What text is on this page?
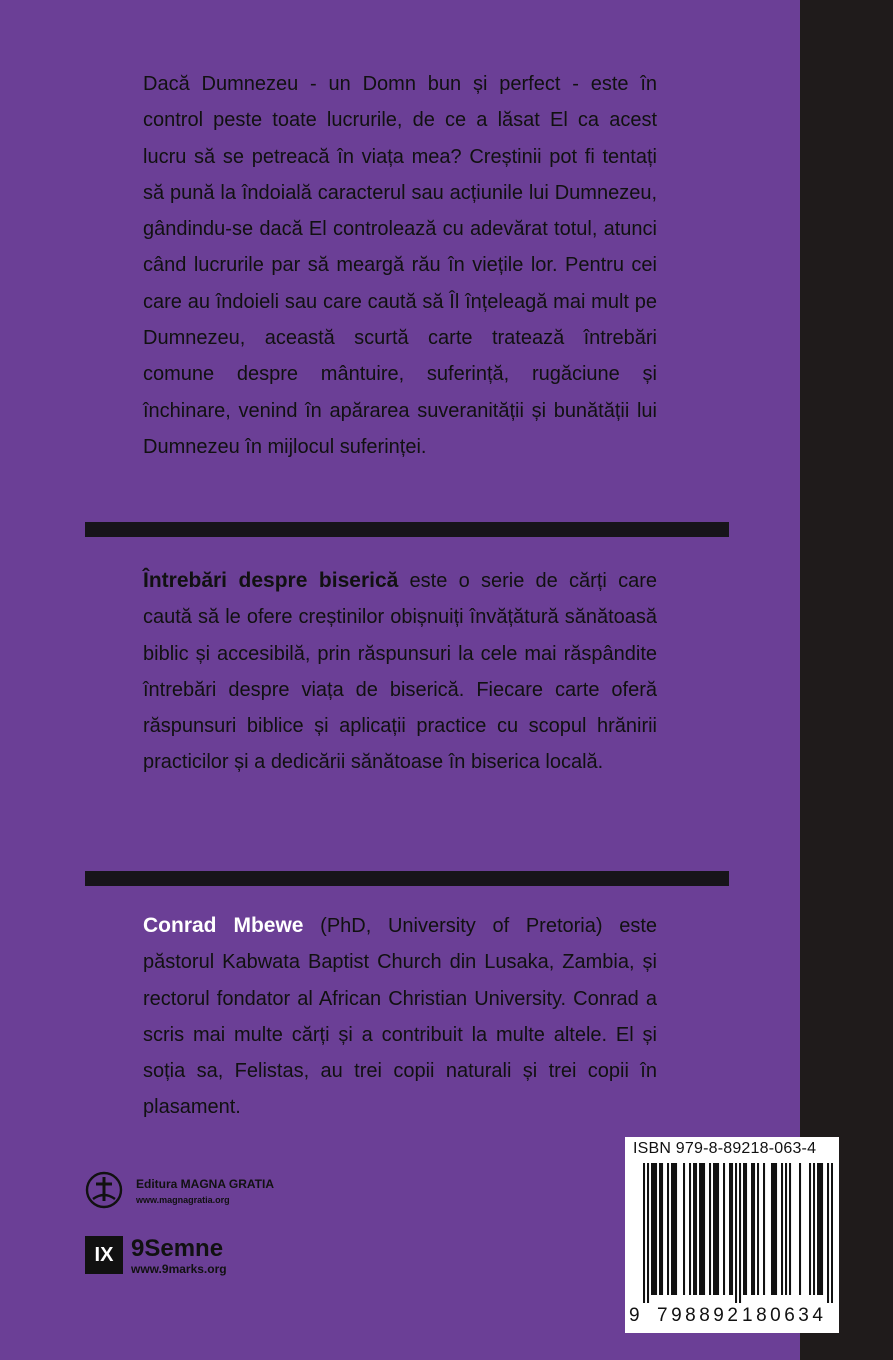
Dacă Dumnezeu - un Domn bun și perfect - este în control peste toate lucrurile, de ce a lăsat El ca acest lucru să se petreacă în viața mea? Creștinii pot fi tentați să pună la îndoială caracterul sau acțiunile lui Dumnezeu, gândindu-se dacă El controlează cu adevărat totul, atunci când lucrurile par să meargă rău în viețile lor. Pentru cei care au îndoieli sau care caută să Îl înțeleagă mai mult pe Dumnezeu, această scurtă carte tratează întrebări comune despre mântuire, suferință, rugăciune și închinare, venind în apărarea suveranității și bunătății lui Dumnezeu în mijlocul suferinței.

Întrebări despre biserică este o serie de cărți care caută să le ofere creștinilor obișnuiți învățătură sănătoasă biblic și accesibilă, prin răspunsuri la cele mai răspândite întrebări despre viața de biserică. Fiecare carte oferă răspunsuri biblice și aplicații practice cu scopul hrănirii practicilor și a dedicării sănătoase în biserica locală.

Conrad Mbewe (PhD, University of Pretoria) este păstorul Kabwata Baptist Church din Lusaka, Zambia, și rectorul fondator al African Christian University. Conrad a scris mai multe cărți și a contribuit la multe altele. El și soția sa, Felistas, au trei copii naturali și trei copii în plasament.

Editura MAGNA GRATIA
www.magnagratia.org
IX 9Semne
www.9marks.org
ISBN 979-8-89218-063-4
9 798892 180634
